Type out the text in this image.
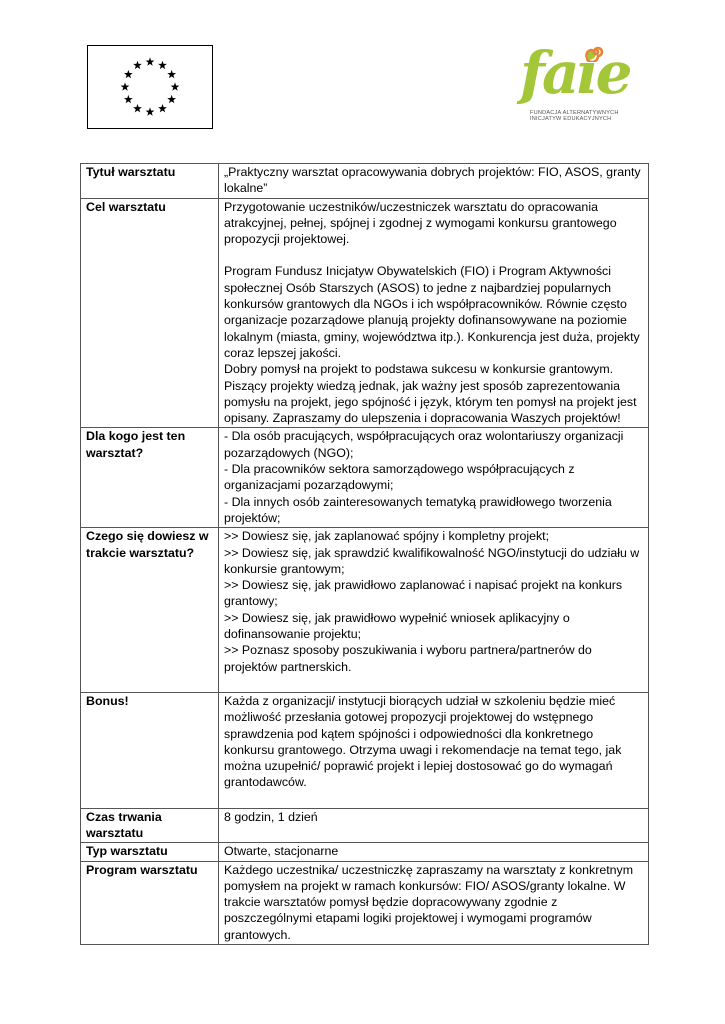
faie
FUNDACJA ALTERNATYWNYCH
INICJATYW EDUKACYJNYCH
Tytuł warsztatu	„Praktyczny warsztat opracowywania dobrych projektów: FIO, ASOS, granty lokalne”

Cel warsztatu	Przygotowanie uczestników/uczestniczek warsztatu do opracowania atrakcyjnej, pełnej, spójnej i zgodnej z wymogami konkursu grantowego propozycji projektowej.
Program Fundusz Inicjatyw Obywatelskich (FIO) i Program Aktywności społecznej Osób Starszych (ASOS) to jedne z najbardziej popularnych konkursów grantowych dla NGOs i ich współpracowników. Równie często organizacje pozarządowe planują projekty dofinansowywane na poziomie lokalnym (miasta, gminy, województwa itp.). Konkurencja jest duża, projekty coraz lepszej jakości.
Dobry pomysł na projekt to podstawa sukcesu w konkursie grantowym. Piszący projekty wiedzą jednak, jak ważny jest sposób zaprezentowania pomysłu na projekt, jego spójność i język, którym ten pomysł na projekt jest opisany. Zapraszamy do ulepszenia i dopracowania Waszych projektów!

Dla kogo jest ten warsztat?	- Dla osób pracujących, współpracujących oraz wolontariuszy organizacji pozarządowych (NGO);
- Dla pracowników sektora samorządowego współpracujących z organizacjami pozarządowymi;
- Dla innych osób zainteresowanych tematyką prawidłowego tworzenia projektów;

Czego się dowiesz w trakcie warsztatu?	>> Dowiesz się, jak zaplanować spójny i kompletny projekt;
>> Dowiesz się, jak sprawdzić kwalifikowalność NGO/instytucji do udziału w konkursie grantowym;
>> Dowiesz się, jak prawidłowo zaplanować i napisać projekt na konkurs grantowy;
>> Dowiesz się, jak prawidłowo wypełnić wniosek aplikacyjny o dofinansowanie projektu;
>> Poznasz sposoby poszukiwania i wyboru partnera/partnerów do projektów partnerskich.

Bonus!	Każda z organizacji/ instytucji biorących udział w szkoleniu będzie mieć możliwość przesłania gotowej propozycji projektowej do wstępnego sprawdzenia pod kątem spójności i odpowiedności dla konkretnego konkursu grantowego. Otrzyma uwagi i rekomendacje na temat tego, jak można uzupełnić/ poprawić projekt i lepiej dostosować go do wymagań grantodawców.

Czas trwania warsztatu	8 godzin, 1 dzień

Typ warsztatu	Otwarte, stacjonarne

Program warsztatu	Każdego uczestnika/ uczestniczkę zapraszamy na warsztaty z konkretnym pomysłem na projekt w ramach konkursów: FIO/ ASOS/granty lokalne. W trakcie warsztatów pomysł będzie dopracowywany zgodnie z poszczególnymi etapami logiki projektowej i wymogami programów grantowych.
